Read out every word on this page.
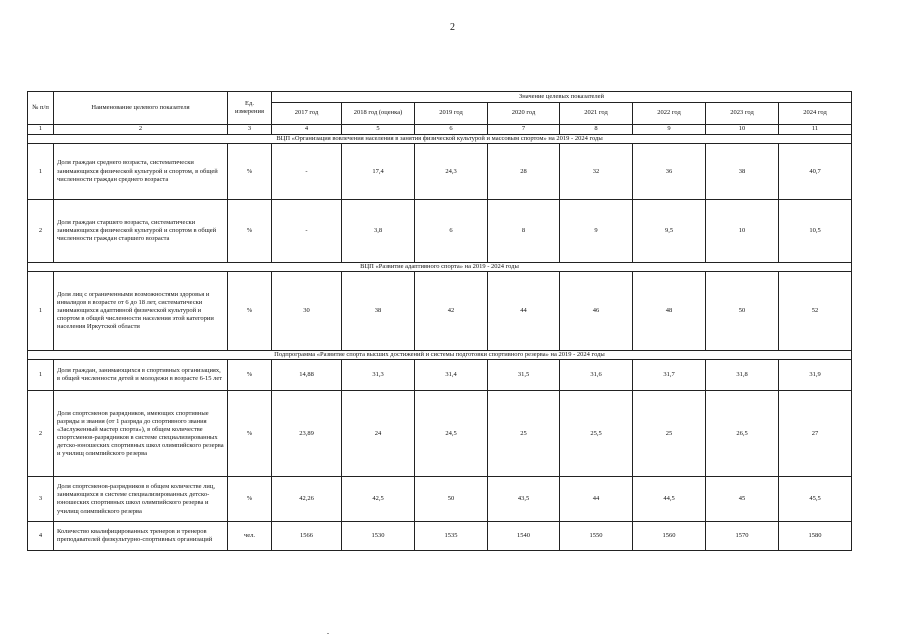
2
№ п/п	Наименование целевого показателя	Ед. измерения	Значение целевых показателей							
			2017 год	2018 год (оценка)	2019 год	2020 год	2021 год	2022 год	2023 год	2024 год
1	2	3	4	5	6	7	8	9	10	11
ВЦП «Организация вовлечения населения в занятия физической культурой и массовым спортом» на 2019 - 2024 годы										
1	Доля граждан среднего возраста, систематически занимающихся физической культурой и спортом, в общей численности граждан среднего возраста	%	-	17,4	24,3	28	32	36	38	40,7
2	Доля граждан старшего возраста, систематически занимающихся физической культурой и спортом в общей численности граждан старшего возраста	%	-	3,8	6	8	9	9,5	10	10,5
ВЦП «Развитие адаптивного спорта» на 2019 - 2024 годы										
1	Доля лиц с ограниченными возможностями здоровья и инвалидов в возрасте от 6 до 18 лет, систематически занимающихся адаптивной физической культурой и спортом в общей численности населения этой категории населения Иркутской области	%	30	38	42	44	46	48	50	52
Подпрограмма «Развитие спорта высших достижений и системы подготовки спортивного резерва» на 2019 - 2024 годы										
1	Доля граждан, занимающихся в спортивных организациях, в общей численности детей и молодежи в возрасте 6-15 лет	%	14,88	31,3	31,4	31,5	31,6	31,7	31,8	31,9
2	Доля спортсменов разрядников, имеющих спортивные разряды и звания (от 1 разряда до спортивного звания «Заслуженный мастер спорта»), в общем количестве спортсменов-разрядников в системе специализированных детско-юношеских спортивных школ олимпийского резерва и училищ олимпийского резерва	%	23,89	24	24,5	25	25,5	25	26,5	27
3	Доля спортсменов-разрядников в общем количестве лиц, занимающихся в системе специализированных детско-юношеских спортивных школ олимпийского резерва и училищ олимпийского резерва	%	42,26	42,5	50	43,5	44	44,5	45	45,5
4	Количество квалифицированных тренеров и тренеров преподавателей физкультурно-спортивных организаций	чел.	1566	1530	1535	1540	1550	1560	1570	1580
